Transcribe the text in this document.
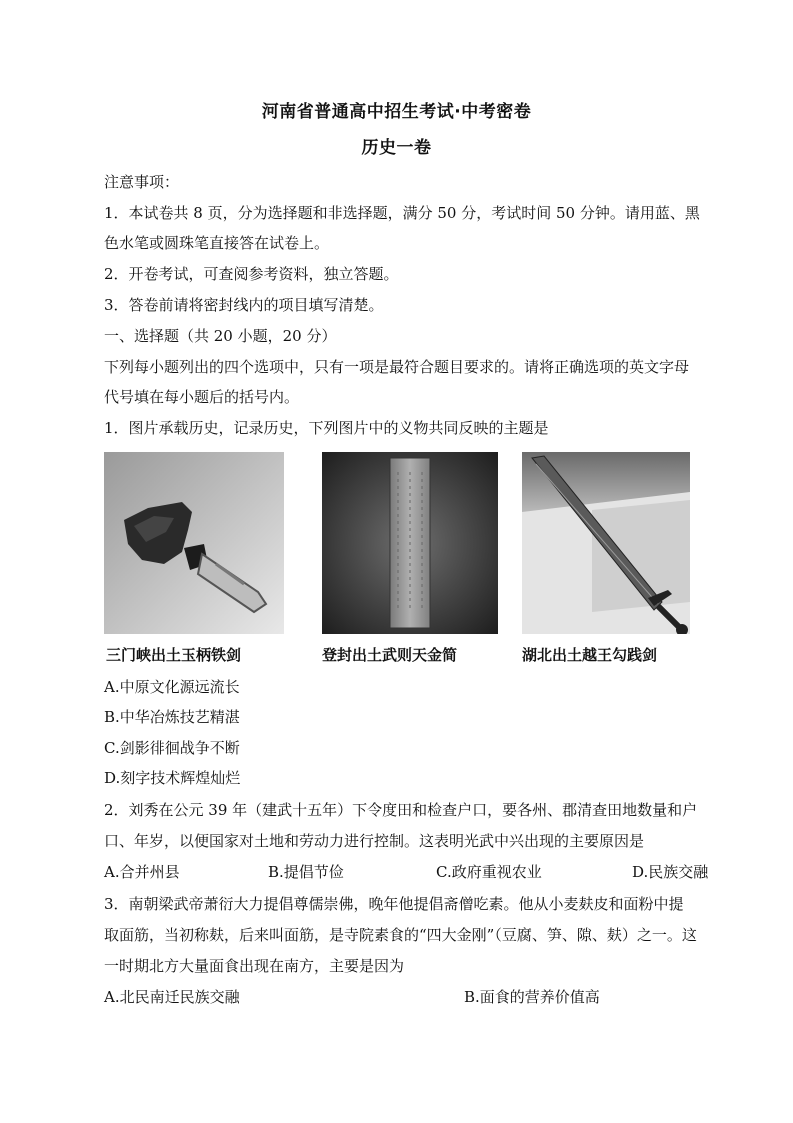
河南省普通高中招生考试·中考密卷
历史一卷
注意事项：
1．本试卷共 8 页，分为选择题和非选择题，满分 50 分，考试时间 50 分钟。请用蓝、黑
色水笔或圆珠笔直接答在试卷上。
2．开卷考试，可查阅参考资料，独立答题。
3．答卷前请将密封线内的项目填写清楚。
一、选择题（共 20 小题，20 分）
下列每小题列出的四个选项中，只有一项是最符合题目要求的。请将正确选项的英文字母
代号填在每小题后的括号内。
1．图片承载历史，记录历史，下列图片中的义物共同反映的主题是
三门峡出土玉柄铁剑	登封出土武则天金简	湖北出土越王勾践剑
A.中原文化源远流长
B.中华冶炼技艺精湛
C.剑影徘徊战争不断
D.刻字技术辉煌灿烂
2．刘秀在公元 39 年（建武十五年）下令度田和检查户口，要各州、郡清查田地数量和户
口、年岁，以便国家对土地和劳动力进行控制。这表明光武中兴出现的主要原因是
A.合并州县	B.提倡节俭	C.政府重视农业	D.民族交融
3．南朝梁武帝萧衍大力提倡尊儒崇佛，晚年他提倡斋僧吃素。他从小麦麸皮和面粉中提
取面筋，当初称麸，后来叫面筋，是寺院素食的“四大金刚”（豆腐、笋、隙、麸）之一。这
一时期北方大量面食出现在南方，主要是因为
A.北民南迁民族交融	B.面食的营养价值高
